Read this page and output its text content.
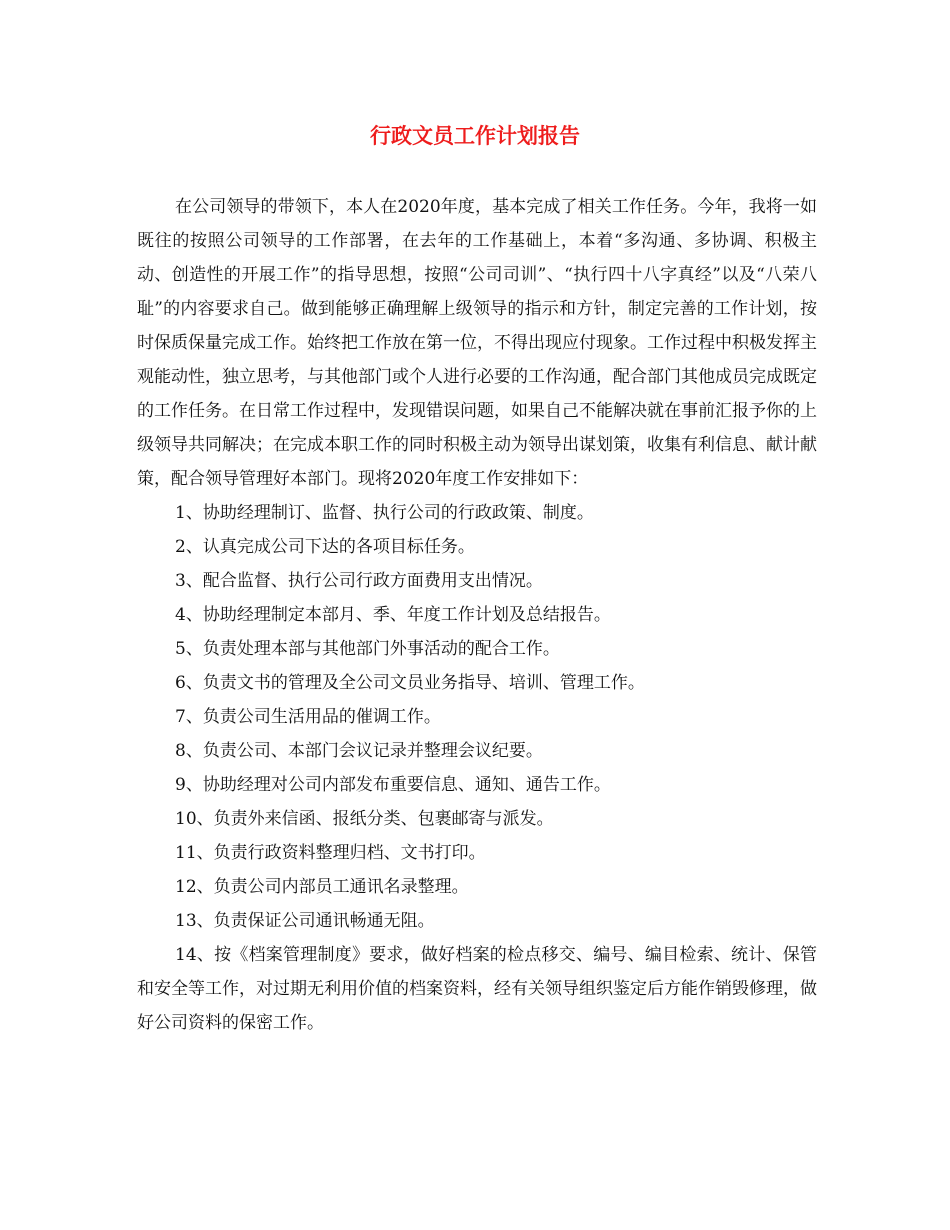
行政文员工作计划报告

在公司领导的带领下，本人在2020年度，基本完成了相关工作任务。今年，我将一如既往的按照公司领导的工作部署，在去年的工作基础上，本着“多沟通、多协调、积极主动、创造性的开展工作”的指导思想，按照“公司司训”、“执行四十八字真经”以及“八荣八耻”的内容要求自己。做到能够正确理解上级领导的指示和方针，制定完善的工作计划，按时保质保量完成工作。始终把工作放在第一位，不得出现应付现象。工作过程中积极发挥主观能动性，独立思考，与其他部门或个人进行必要的工作沟通，配合部门其他成员完成既定的工作任务。在日常工作过程中，发现错误问题，如果自己不能解决就在事前汇报予你的上级领导共同解决；在完成本职工作的同时积极主动为领导出谋划策，收集有利信息、献计献策，配合领导管理好本部门。现将2020年度工作安排如下：

1、协助经理制订、监督、执行公司的行政政策、制度。

2、认真完成公司下达的各项目标任务。

3、配合监督、执行公司行政方面费用支出情况。

4、协助经理制定本部月、季、年度工作计划及总结报告。

5、负责处理本部与其他部门外事活动的配合工作。

6、负责文书的管理及全公司文员业务指导、培训、管理工作。

7、负责公司生活用品的催调工作。

8、负责公司、本部门会议记录并整理会议纪要。

9、协助经理对公司内部发布重要信息、通知、通告工作。

10、负责外来信函、报纸分类、包裹邮寄与派发。

11、负责行政资料整理归档、文书打印。

12、负责公司内部员工通讯名录整理。

13、负责保证公司通讯畅通无阻。

14、按《档案管理制度》要求，做好档案的检点移交、编号、编目检索、统计、保管和安全等工作，对过期无利用价值的档案资料，经有关领导组织鉴定后方能作销毁修理，做好公司资料的保密工作。
